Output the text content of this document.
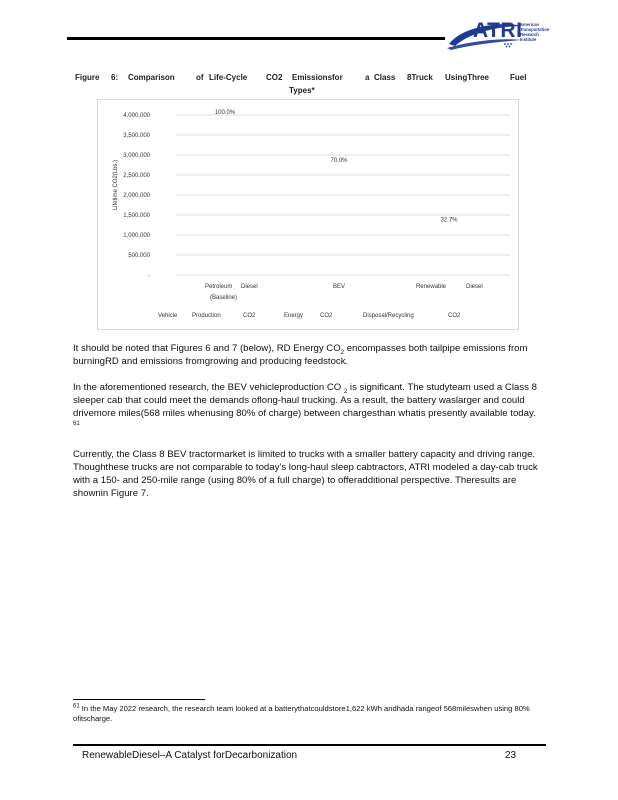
ATRI
American
Transportation
Research
Institute
Figure 6: Comparison	of Life-Cycle CO2 Emissionsfor	a Class 8Truck UsingThree	Fuel
Types*
4,000,000
3,500,000
3,000,000
2,500,000
2,000,000
1,500,000
1,000,000
500,000
-
Lifetime CO2(Lbs.)
100.0%
70.0%
32.7%
Petroleum
(Baseline)
Diesel	BEV	Renewable	Diesel
Vehicle Production	CO2	Energy	CO2	Disposal/Recycling	CO2

It should be noted that Figures 6 and 7 (below), RD Energy $CO_2$ encompasses both tailpipe emissions from burningRD and emissions fromgrowing and producing feedstock.

In the aforementioned research, the BEV vehicleproduction CO $_2$ is significant. The studyteam used a Class 8 sleeper cab that could meet the demands oflong-haul trucking. As a result, the battery waslarger and could drivemore miles(568 miles whenusing 80% of charge) between chargesthan whatis presently available today. $^{61}$

Currently, the Class 8 BEV tractormarket is limited to trucks with a smaller battery capacity and driving range. Thoughthese trucks are not comparable to today’s long-haul sleep cabtractors, ATRI modeled a day-cab truck with a 150- and 250-mile range (using 80% of a full charge) to offeradditional perspective. Theresults are shownin Figure 7.

$^{61}$ In the May 2022 research, the research team looked at a batterythatcouldstore1,622 kWh andhada rangeof 568mileswhen using 80% ofitscharge.
RenewableDiesel–A Catalyst forDecarbonization	23
